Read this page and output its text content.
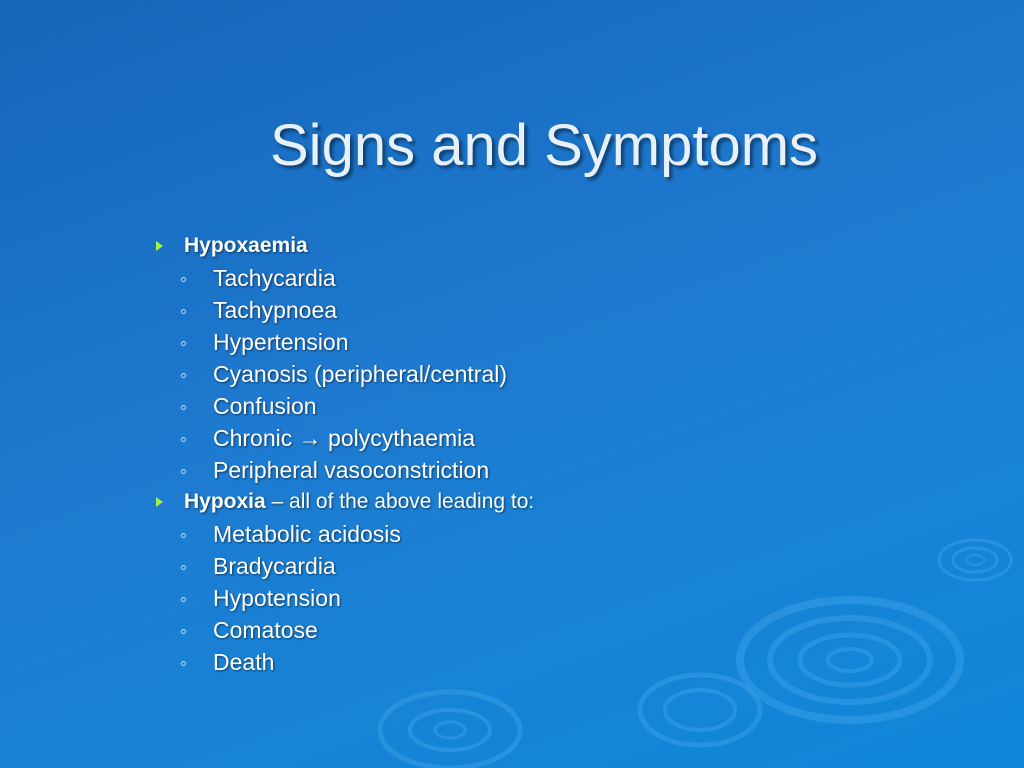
Signs and Symptoms
Hypoxaemia
Tachycardia
Tachypnoea
Hypertension
Cyanosis (peripheral/central)
Confusion
Chronic → polycythaemia
Peripheral vasoconstriction
Hypoxia – all of the above leading to:
Metabolic acidosis
Bradycardia
Hypotension
Comatose
Death
